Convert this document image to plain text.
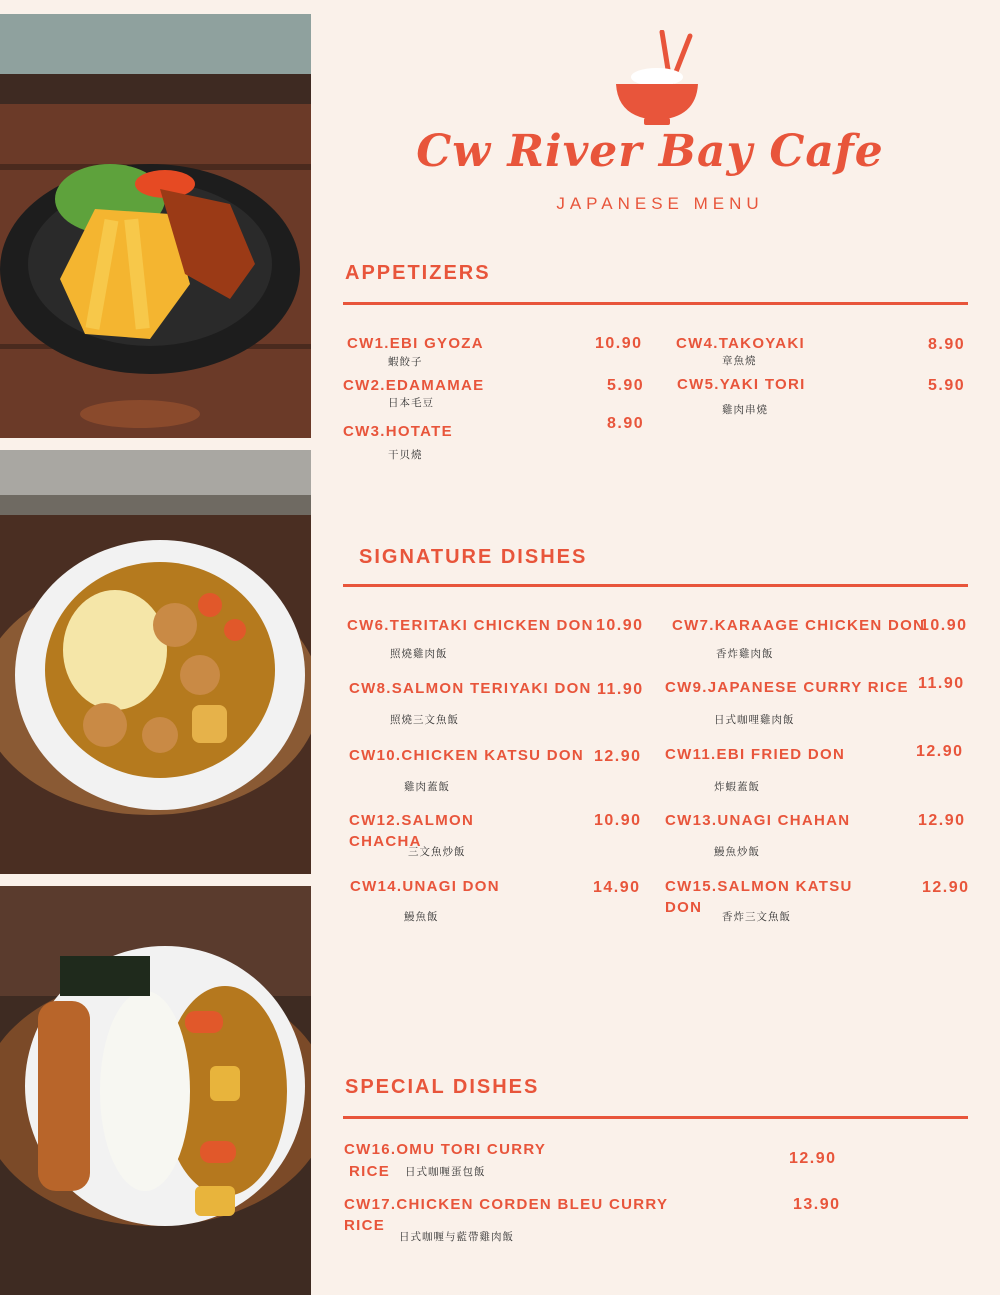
Cw River Bay Cafe
JAPANESE MENU
APPETIZERS
CW1.EBI GYOZA
蝦餃子
10.90
CW2.EDAMAMAE
日本毛豆
5.90
CW3.HOTATE
干贝燒
8.90
CW4.TAKOYAKI
章魚燒
8.90
CW5.YAKI TORI
雞肉串燒
5.90
SIGNATURE DISHES
CW6.TERITAKI CHICKEN DON
照燒雞肉飯
10.90 CW7.KARAAGE CHICKEN DON
香炸雞肉飯
10.90
CW8.SALMON TERIYAKI DON
照燒三文魚飯
11.90 CW9.JAPANESE CURRY RICE
日式咖哩雞肉飯
11.90
CW10.CHICKEN KATSU DON
雞肉蓋飯
12.90 CW11.EBI FRIED DON
炸蝦蓋飯
12.90
CW12.SALMON
CHACHA
三文魚炒飯
10.90 CW13.UNAGI CHAHAN
鰻魚炒飯
12.90
CW14.UNAGI DON
鰻魚飯
14.90 CW15.SALMON KATSU
DON
香炸三文魚飯
12.90
SPECIAL DISHES
CW16.OMU TORI CURRY
RICE 日式咖喱蛋包飯
12.90
CW17.CHICKEN CORDEN BLEU CURRY
RICE
日式咖喱与藍帶雞肉飯
13.90
